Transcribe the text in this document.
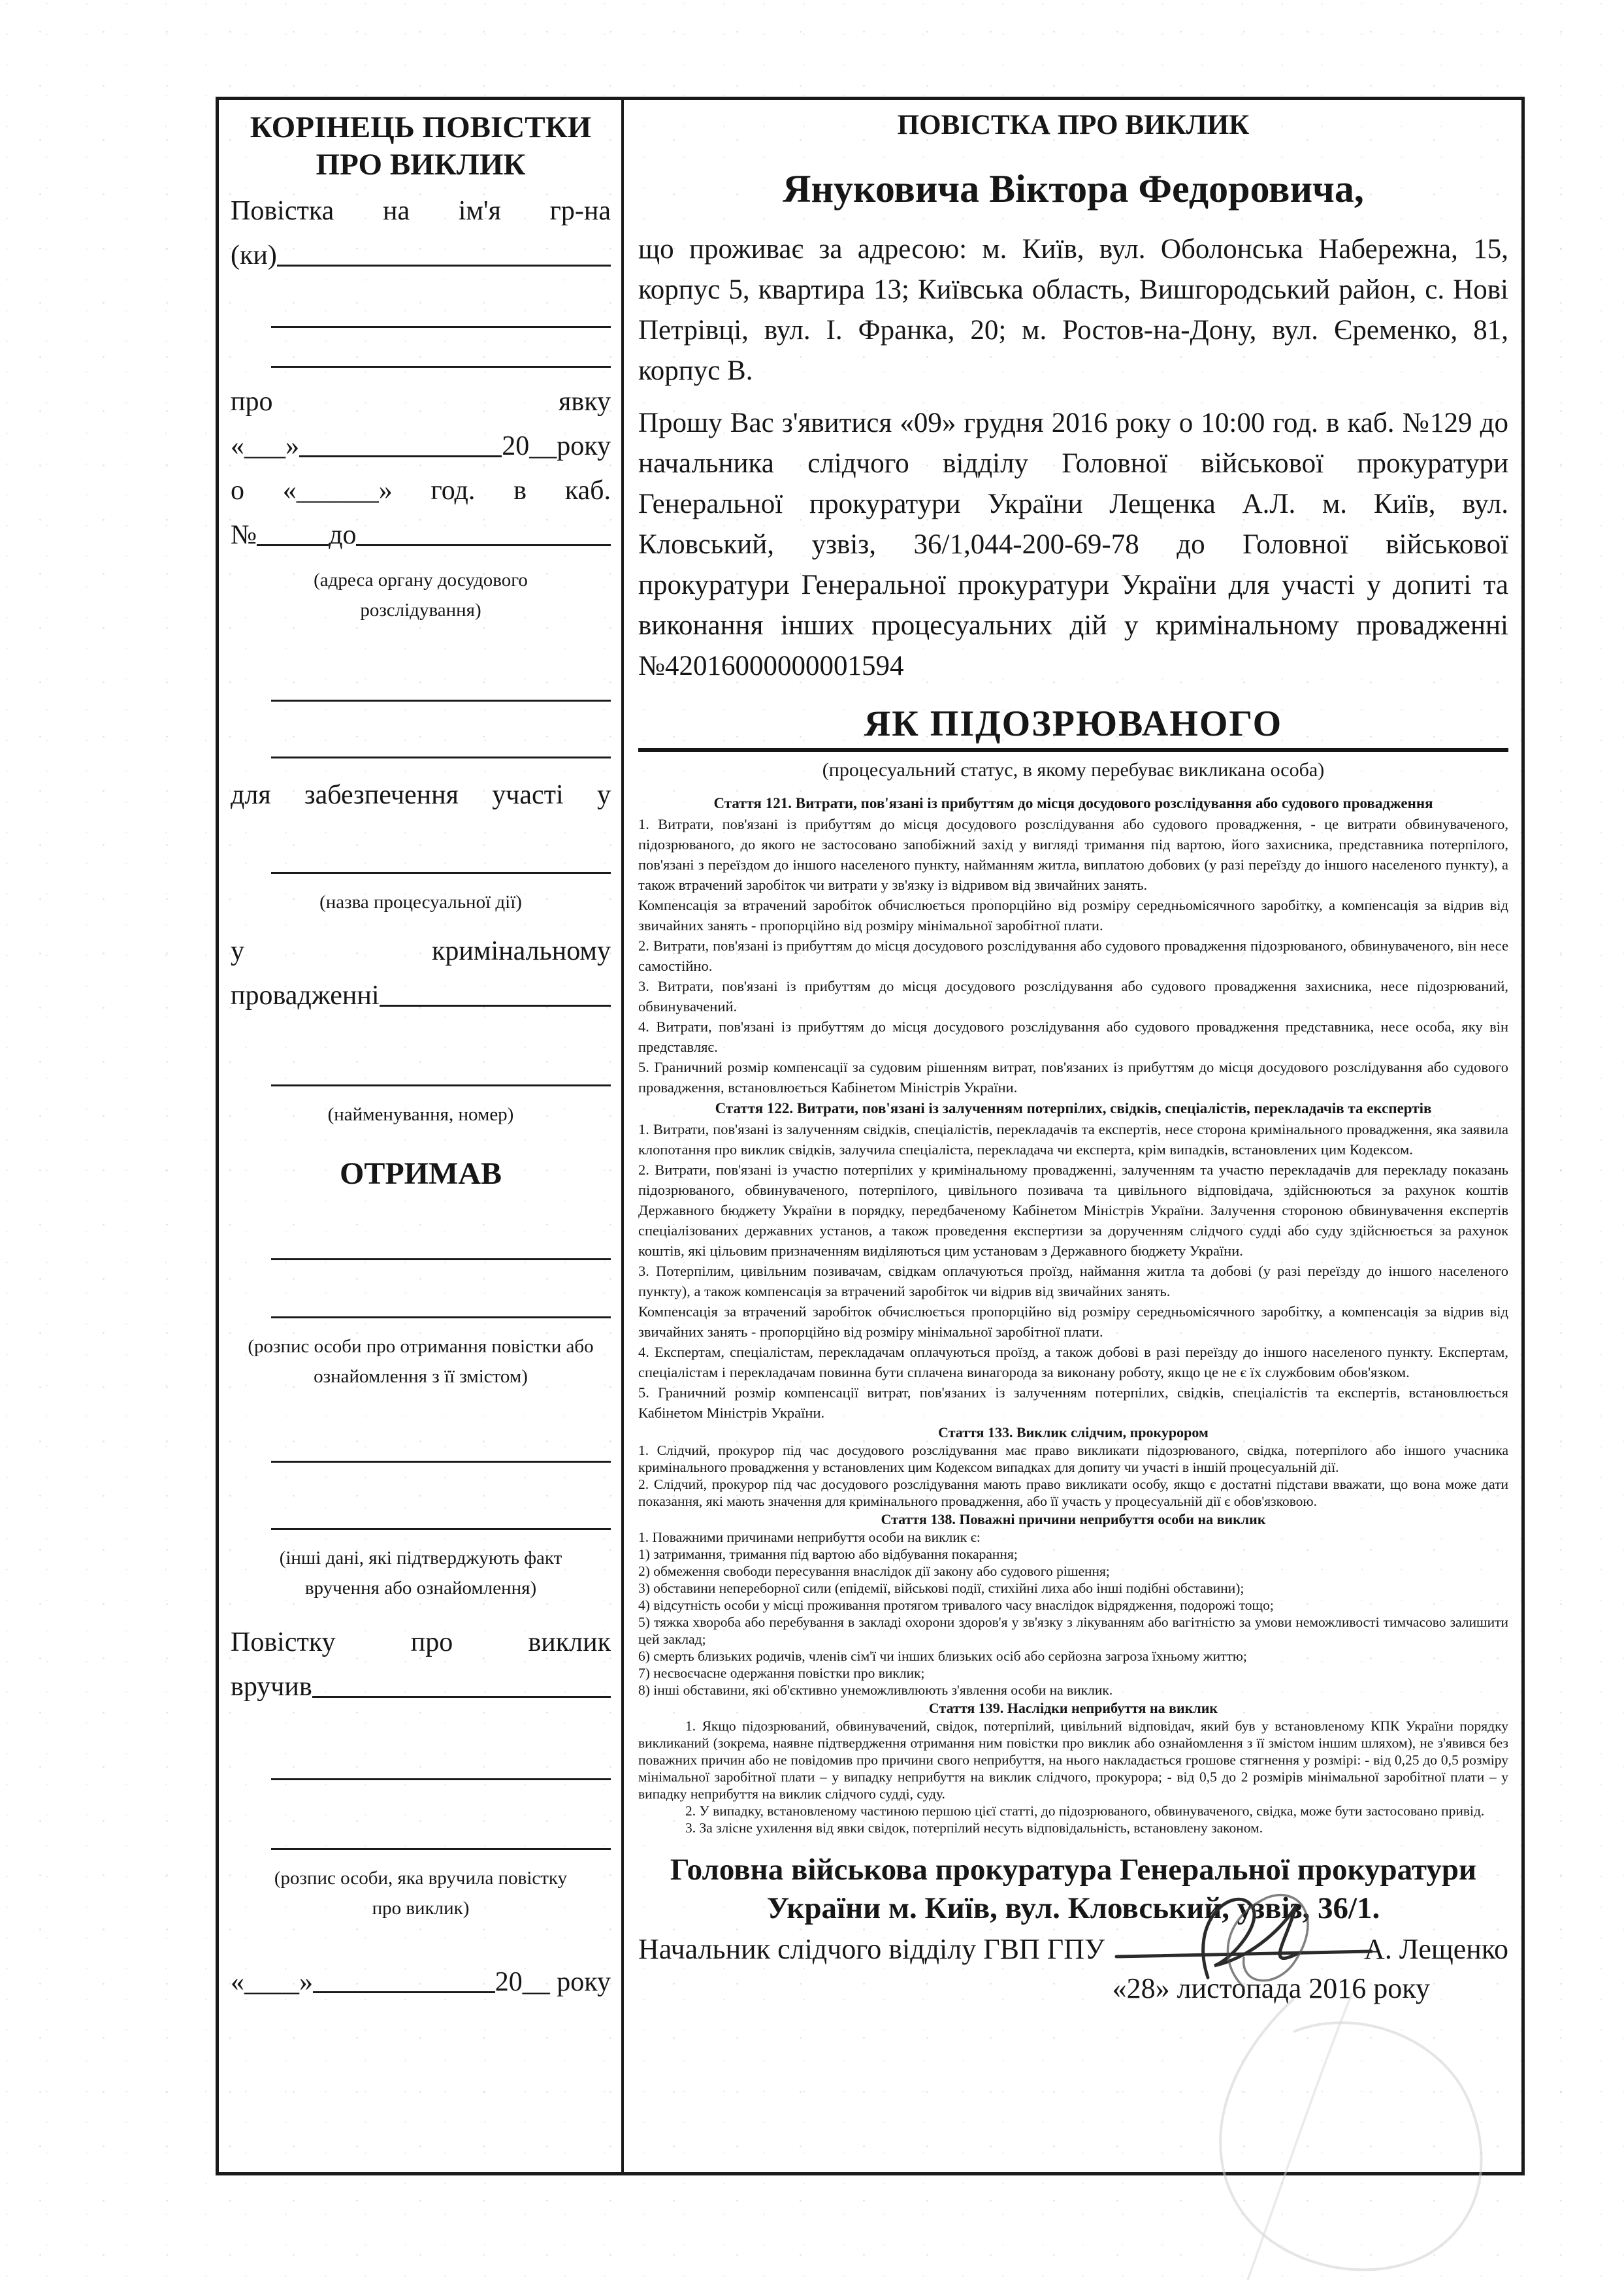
КОРІНЕЦЬ ПОВІСТКИ ПРО ВИКЛИК
Повістка на ім'я гр-на
(ки)
про явку
«___»	20__року
о «______» год. в каб.
№	до
(адреса органу досудового розслідування)
для забезпечення участі у
(назва процесуальної дії)
у кримінальному
провадженні
(найменування, номер)
ОТРИМАВ
(розпис особи про отримання повістки або ознайомлення з її змістом)
(інші дані, які підтверджують факт вручення або ознайомлення)
Повістку про виклик
вручив
(розпис особи, яка вручила повістку про виклик)
«____»	20__ року
ПОВІСТКА ПРО ВИКЛИК
Януковича Віктора Федоровича,

що проживає за адресою: м. Київ, вул. Оболонська Набережна, 15, корпус 5, квартира 13; Київська область, Вишгородський район, с. Нові Петрівці, вул. І. Франка, 20; м. Ростов-на-Дону, вул. Єременко, 81, корпус В.

Прошу Вас з'явитися «09» грудня 2016 року о 10:00 год. в каб. №129 до начальника слідчого відділу Головної військової прокуратури Генеральної прокуратури України Лещенка А.Л. м. Київ, вул. Кловський, узвіз, 36/1,044-200-69-78 до Головної військової прокуратури Генеральної прокуратури України для участі у допиті та виконання інших процесуальних дій у кримінальному провадженні №42016000000001594

ЯК ПІДОЗРЮВАНОГО
(процесуальний статус, в якому перебуває викликана особа)

Стаття 121. Витрати, пов'язані із прибуттям до місця досудового розслідування або судового провадження

1. Витрати, пов'язані із прибуттям до місця досудового розслідування або судового провадження, - це витрати обвинуваченого, підозрюваного, до якого не застосовано запобіжний захід у вигляді тримання під вартою, його захисника, представника потерпілого, пов'язані з переїздом до іншого населеного пункту, найманням житла, виплатою добових (у разі переїзду до іншого населеного пункту), а також втрачений заробіток чи витрати у зв'язку із відривом від звичайних занять.

Компенсація за втрачений заробіток обчислюється пропорційно від розміру середньомісячного заробітку, а компенсація за відрив від звичайних занять - пропорційно від розміру мінімальної заробітної плати.

2. Витрати, пов'язані із прибуттям до місця досудового розслідування або судового провадження підозрюваного, обвинуваченого, він несе самостійно.

3. Витрати, пов'язані із прибуттям до місця досудового розслідування або судового провадження захисника, несе підозрюваний, обвинувачений.

4. Витрати, пов'язані із прибуттям до місця досудового розслідування або судового провадження представника, несе особа, яку він представляє.

5. Граничний розмір компенсації за судовим рішенням витрат, пов'язаних із прибуттям до місця досудового розслідування або судового провадження, встановлюється Кабінетом Міністрів України.

Стаття 122. Витрати, пов'язані із залученням потерпілих, свідків, спеціалістів, перекладачів та експертів

1. Витрати, пов'язані із залученням свідків, спеціалістів, перекладачів та експертів, несе сторона кримінального провадження, яка заявила клопотання про виклик свідків, залучила спеціаліста, перекладача чи експерта, крім випадків, встановлених цим Кодексом.

2. Витрати, пов'язані із участю потерпілих у кримінальному провадженні, залученням та участю перекладачів для перекладу показань підозрюваного, обвинуваченого, потерпілого, цивільного позивача та цивільного відповідача, здійснюються за рахунок коштів Державного бюджету України в порядку, передбаченому Кабінетом Міністрів України. Залучення стороною обвинувачення експертів спеціалізованих державних установ, а також проведення експертизи за дорученням слідчого судді або суду здійснюється за рахунок коштів, які цільовим призначенням виділяються цим установам з Державного бюджету України.

3. Потерпілим, цивільним позивачам, свідкам оплачуються проїзд, наймання житла та добові (у разі переїзду до іншого населеного пункту), а також компенсація за втрачений заробіток чи відрив від звичайних занять.

Компенсація за втрачений заробіток обчислюється пропорційно від розміру середньомісячного заробітку, а компенсація за відрив від звичайних занять - пропорційно від розміру мінімальної заробітної плати.

4. Експертам, спеціалістам, перекладачам оплачуються проїзд, а також добові в разі переїзду до іншого населеного пункту. Експертам, спеціалістам і перекладачам повинна бути сплачена винагорода за виконану роботу, якщо це не є їх службовим обов'язком.

5. Граничний розмір компенсації витрат, пов'язаних із залученням потерпілих, свідків, спеціалістів та експертів, встановлюється Кабінетом Міністрів України.

Стаття 133. Виклик слідчим, прокурором

1. Слідчий, прокурор під час досудового розслідування має право викликати підозрюваного, свідка, потерпілого або іншого учасника кримінального провадження у встановлених цим Кодексом випадках для допиту чи участі в іншій процесуальній дії.

2. Слідчий, прокурор під час досудового розслідування мають право викликати особу, якщо є достатні підстави вважати, що вона може дати показання, які мають значення для кримінального провадження, або її участь у процесуальній дії є обов'язковою.

Стаття 138. Поважні причини неприбуття особи на виклик

1. Поважними причинами неприбуття особи на виклик є:

1) затримання, тримання під вартою або відбування покарання;

2) обмеження свободи пересування внаслідок дії закону або судового рішення;

3) обставини непереборної сили (епідемії, військові події, стихійні лиха або інші подібні обставини);

4) відсутність особи у місці проживання протягом тривалого часу внаслідок відрядження, подорожі тощо;

5) тяжка хвороба або перебування в закладі охорони здоров'я у зв'язку з лікуванням або вагітністю за умови неможливості тимчасово залишити цей заклад;

6) смерть близьких родичів, членів сім'ї чи інших близьких осіб або серйозна загроза їхньому життю;

7) несвоєчасне одержання повістки про виклик;

8) інші обставини, які об'єктивно унеможливлюють з'явлення особи на виклик.

Стаття 139. Наслідки неприбуття на виклик

1. Якщо підозрюваний, обвинувачений, свідок, потерпілий, цивільний відповідач, який був у встановленому КПК України порядку викликаний (зокрема, наявне підтвердження отримання ним повістки про виклик або ознайомлення з її змістом іншим шляхом), не з'явився без поважних причин або не повідомив про причини свого неприбуття, на нього накладається грошове стягнення у розмірі: - від 0,25 до 0,5 розміру мінімальної заробітної плати – у випадку неприбуття на виклик слідчого, прокурора; - від 0,5 до 2 розмірів мінімальної заробітної плати – у випадку неприбуття на виклик слідчого судді, суду.

2. У випадку, встановленому частиною першою цієї статті, до підозрюваного, обвинуваченого, свідка, може бути застосовано привід.

3. За злісне ухилення від явки свідок, потерпілий несуть відповідальність, встановлену законом.

Головна військова прокуратура Генеральної прокуратури України м. Київ, вул. Кловський, узвіз, 36/1.
Начальник слідчого відділу ГВП ГПУ	А. Лещенко
«28» листопада 2016 року
